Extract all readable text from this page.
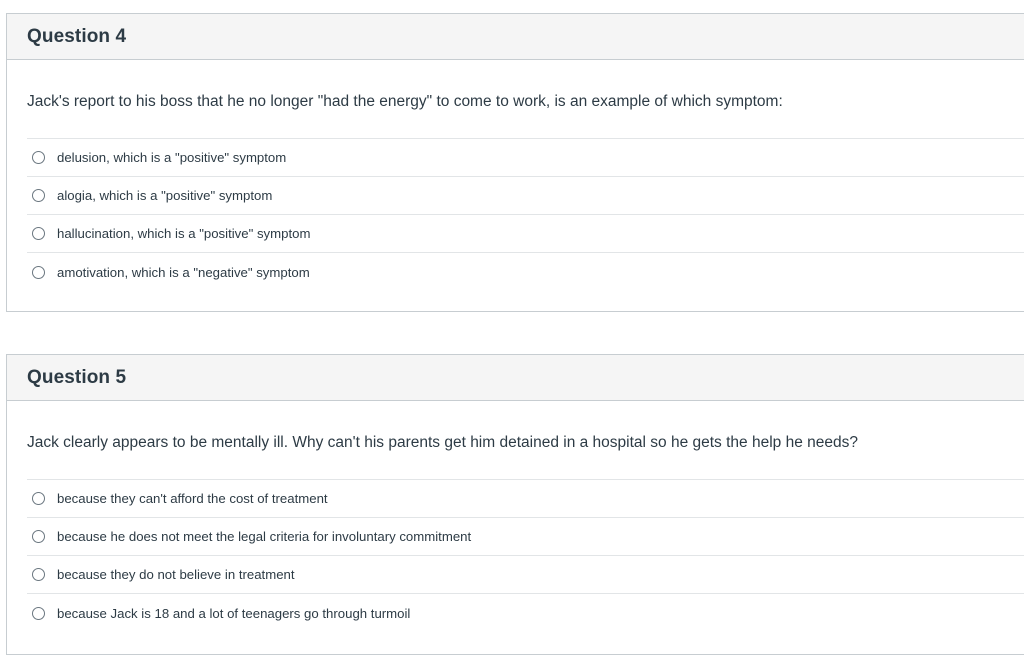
Question 4
Jack's report to his boss that he no longer "had the energy" to come to work, is an example of which symptom:
delusion, which is a "positive" symptom
alogia, which is a "positive" symptom
hallucination, which is a "positive" symptom
amotivation, which is a "negative" symptom
Question 5
Jack clearly appears to be mentally ill. Why can't his parents get him detained in a hospital so he gets the help he needs?
because they can't afford the cost of treatment
because he does not meet the legal criteria for involuntary commitment
because they do not believe in treatment
because Jack is 18 and a lot of teenagers go through turmoil
